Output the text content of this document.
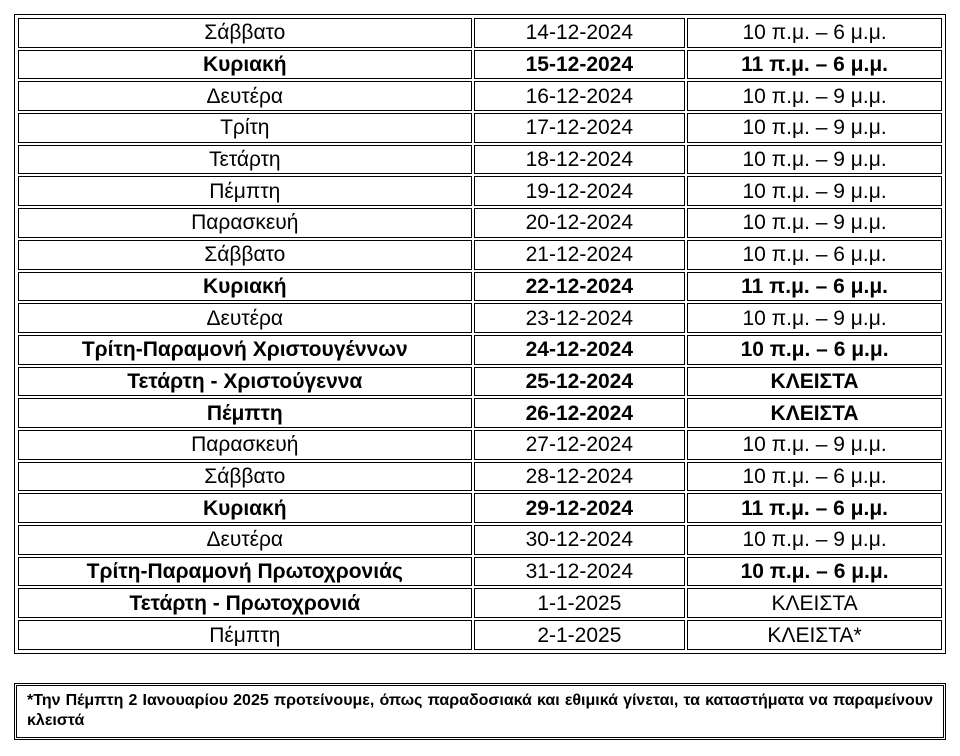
Σάββατο	14-12-2024	10 π.μ. – 6 μ.μ.
Κυριακή	15-12-2024	11 π.μ. – 6 μ.μ.
Δευτέρα	16-12-2024	10 π.μ. – 9 μ.μ.
Τρίτη	17-12-2024	10 π.μ. – 9 μ.μ.
Τετάρτη	18-12-2024	10 π.μ. – 9 μ.μ.
Πέμπτη	19-12-2024	10 π.μ. – 9 μ.μ.
Παρασκευή	20-12-2024	10 π.μ. – 9 μ.μ.
Σάββατο	21-12-2024	10 π.μ. – 6 μ.μ.
Κυριακή	22-12-2024	11 π.μ. – 6 μ.μ.
Δευτέρα	23-12-2024	10 π.μ. – 9 μ.μ.
Τρίτη-Παραμονή Χριστουγέννων	24-12-2024	10 π.μ. – 6 μ.μ.
Τετάρτη - Χριστούγεννα	25-12-2024	ΚΛΕΙΣΤΑ
Πέμπτη	26-12-2024	ΚΛΕΙΣΤΑ
Παρασκευή	27-12-2024	10 π.μ. – 9 μ.μ.
Σάββατο	28-12-2024	10 π.μ. – 6 μ.μ.
Κυριακή	29-12-2024	11 π.μ. – 6 μ.μ.
Δευτέρα	30-12-2024	10 π.μ. – 9 μ.μ.
Τρίτη-Παραμονή Πρωτοχρονιάς	31-12-2024	10 π.μ. – 6 μ.μ.
Τετάρτη - Πρωτοχρονιά	1-1-2025	ΚΛΕΙΣΤΑ
Πέμπτη	2-1-2025	ΚΛΕΙΣΤΑ*
*Την Πέμπτη 2 Ιανουαρίου 2025 προτείνουμε, όπως παραδοσιακά και εθιμικά γίνεται, τα καταστήματα να παραμείνουν κλειστά
